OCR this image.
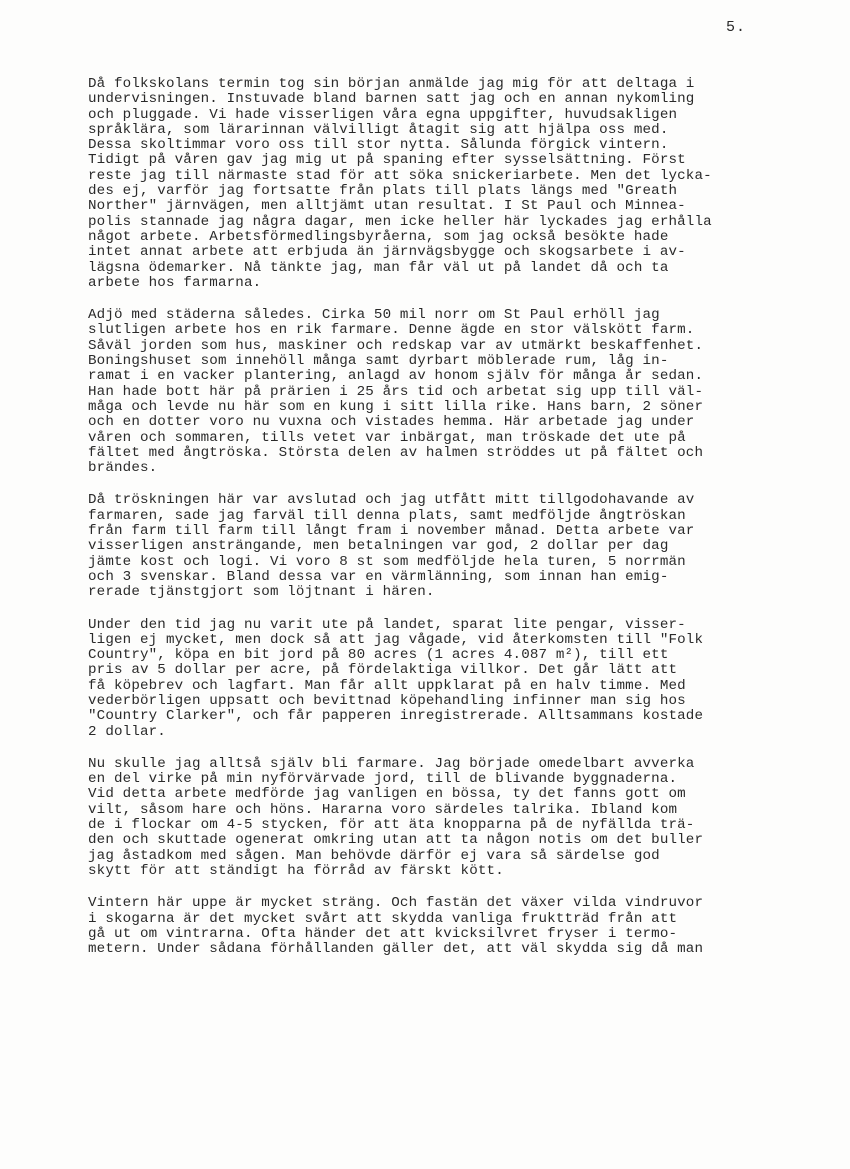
5.

Då folkskolans termin tog sin början anmälde jag mig för att deltaga i
undervisningen. Instuvade bland barnen satt jag och en annan nykomling
och pluggade. Vi hade visserligen våra egna uppgifter, huvudsakligen
språklära, som lärarinnan välvilligt åtagit sig att hjälpa oss med.
Dessa skoltimmar voro oss till stor nytta. Sålunda förgick vintern.
Tidigt på våren gav jag mig ut på spaning efter sysselsättning. Först
reste jag till närmaste stad för att söka snickeriarbete. Men det lycka-
des ej, varför jag fortsatte från plats till plats längs med "Greath
Norther" järnvägen, men alltjämt utan resultat. I St Paul och Minnea-
polis stannade jag några dagar, men icke heller här lyckades jag erhålla
något arbete. Arbetsförmedlingsbyråerna, som jag också besökte hade
intet annat arbete att erbjuda än järnvägsbygge och skogsarbete i av-
lägsna ödemarker. Nå tänkte jag, man får väl ut på landet då och ta
arbete hos farmarna.

Adjö med städerna således. Cirka 50 mil norr om St Paul erhöll jag
slutligen arbete hos en rik farmare. Denne ägde en stor välskött farm.
Såväl jorden som hus, maskiner och redskap var av utmärkt beskaffenhet.
Boningshuset som innehöll många samt dyrbart möblerade rum, låg in-
ramat i en vacker plantering, anlagd av honom själv för många år sedan.
Han hade bott här på prärien i 25 års tid och arbetat sig upp till väl-
måga och levde nu här som en kung i sitt lilla rike. Hans barn, 2 söner
och en dotter voro nu vuxna och vistades hemma. Här arbetade jag under
våren och sommaren, tills vetet var inbärgat, man tröskade det ute på
fältet med ångtröska. Största delen av halmen ströddes ut på fältet och
brändes.

Då tröskningen här var avslutad och jag utfått mitt tillgodohavande av
farmaren, sade jag farväl till denna plats, samt medföljde ångtröskan
från farm till farm till långt fram i november månad. Detta arbete var
visserligen ansträngande, men betalningen var god, 2 dollar per dag
jämte kost och logi. Vi voro 8 st som medföljde hela turen, 5 norrmän
och 3 svenskar. Bland dessa var en värmlänning, som innan han emig-
rerade tjänstgjort som löjtnant i hären.

Under den tid jag nu varit ute på landet, sparat lite pengar, visser-
ligen ej mycket, men dock så att jag vågade, vid återkomsten till "Folk
Country", köpa en bit jord på 80 acres (1 acres 4.087 m²), till ett
pris av 5 dollar per acre, på fördelaktiga villkor. Det går lätt att
få köpebrev och lagfart. Man får allt uppklarat på en halv timme. Med
vederbörligen uppsatt och bevittnad köpehandling infinner man sig hos
"Country Clarker", och får papperen inregistrerade. Alltsammans kostade
2 dollar.

Nu skulle jag alltså själv bli farmare. Jag började omedelbart avverka
en del virke på min nyförvärvade jord, till de blivande byggnaderna.
Vid detta arbete medförde jag vanligen en bössa, ty det fanns gott om
vilt, såsom hare och höns. Hararna voro särdeles talrika. Ibland kom
de i flockar om 4-5 stycken, för att äta knopparna på de nyfällda trä-
den och skuttade ogenerat omkring utan att ta någon notis om det buller
jag åstadkom med sågen. Man behövde därför ej vara så särdelse god
skytt för att ständigt ha förråd av färskt kött.

Vintern här uppe är mycket sträng. Och fastän det växer vilda vindruvor
i skogarna är det mycket svårt att skydda vanliga fruktträd från att
gå ut om vintrarna. Ofta händer det att kvicksilvret fryser i termo-
metern. Under sådana förhållanden gäller det, att väl skydda sig då man
